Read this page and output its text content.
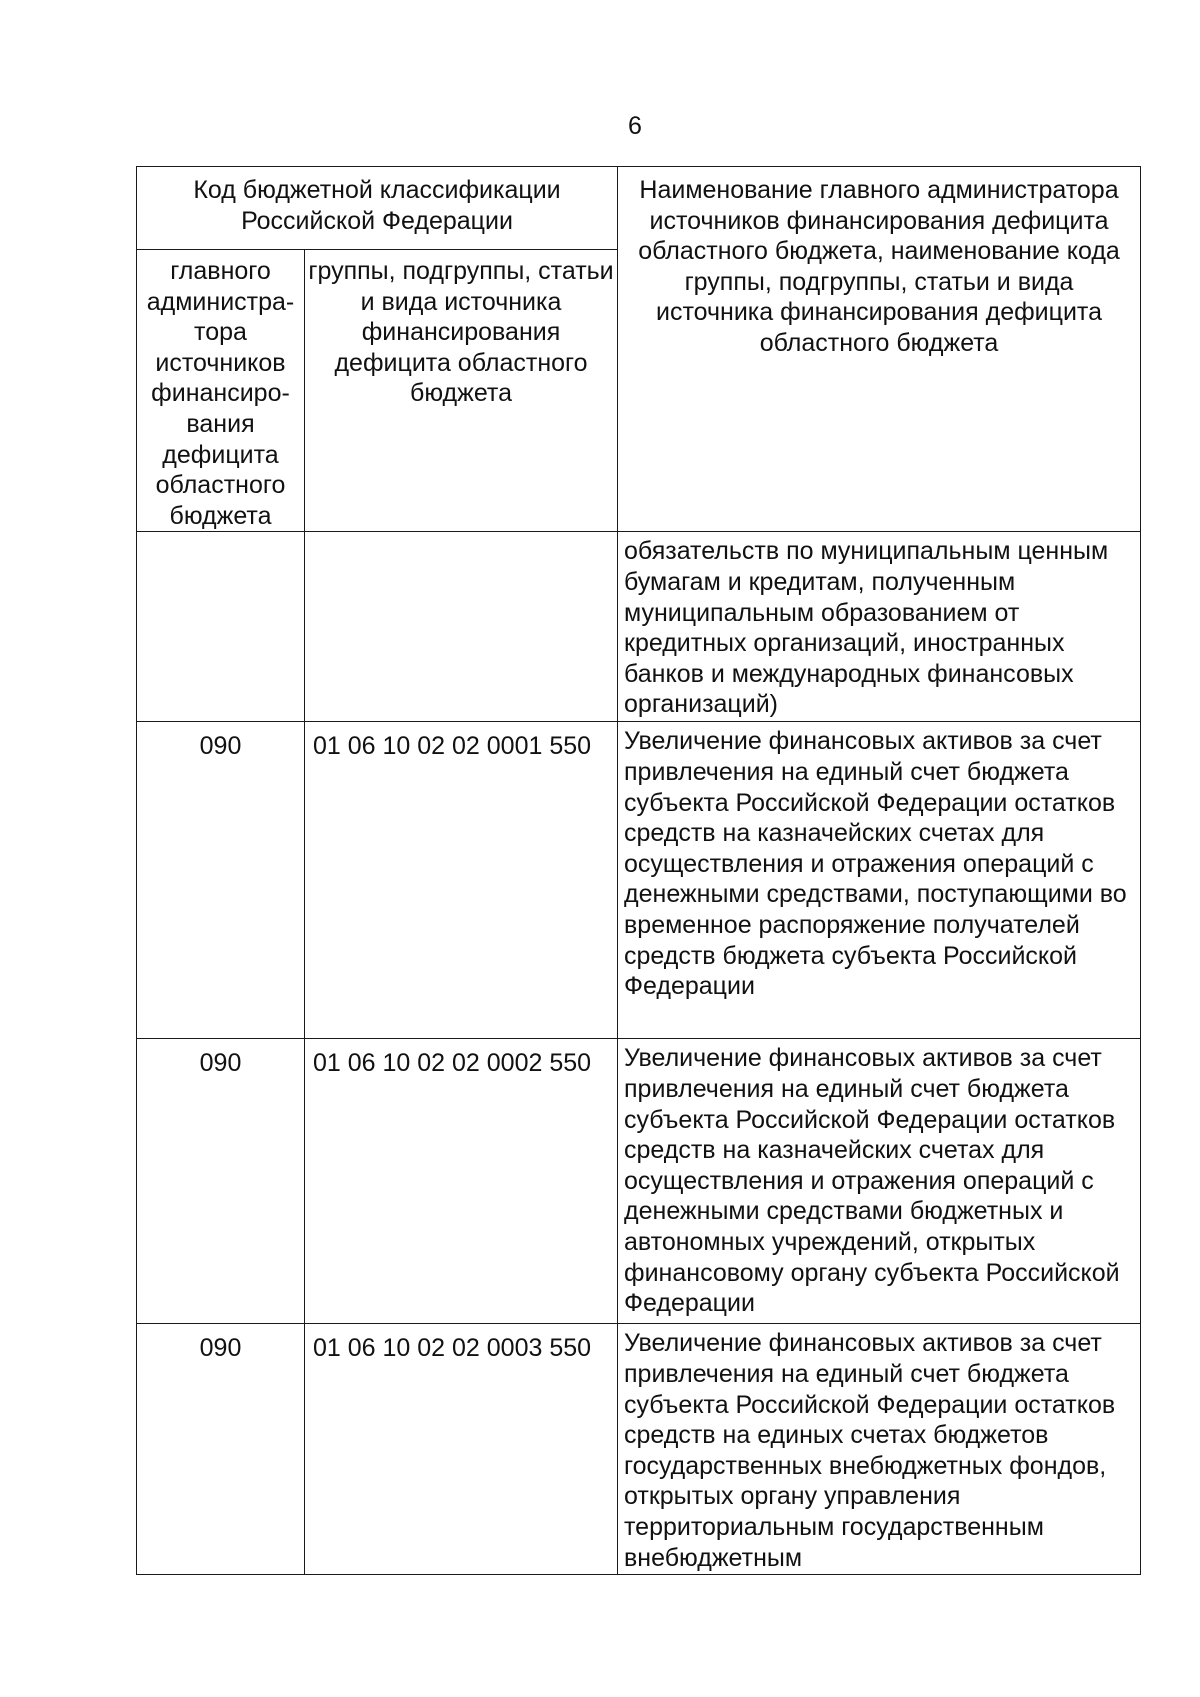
6
Код бюджетной классификации Российской Федерации		Наименование главного администратора источников финансирования дефицита областного бюджета, наименование кода группы, подгруппы, статьи и вида источника финансирования дефицита областного бюджета
главного администра-тора источников финансиро-вания дефицита областного бюджета	группы, подгруппы, статьи и вида источника финансирования дефицита областного бюджета	
		обязательств по муниципальным ценным бумагам и кредитам, полученным муниципальным образованием от кредитных организаций, иностранных банков и международных финансовых организаций)
090	01 06 10 02 02 0001 550	Увеличение финансовых активов за счет привлечения на единый счет бюджета субъекта Российской Федерации остатков средств на казначейских счетах для осуществления и отражения операций с денежными средствами, поступающими во временное распоряжение получателей средств бюджета субъекта Российской Федерации
090	01 06 10 02 02 0002 550	Увеличение финансовых активов за счет привлечения на единый счет бюджета субъекта Российской Федерации остатков средств на казначейских счетах для осуществления и отражения операций с денежными средствами бюджетных и автономных учреждений, открытых финансовому органу субъекта Российской Федерации
090	01 06 10 02 02 0003 550	Увеличение финансовых активов за счет привлечения на единый счет бюджета субъекта Российской Федерации остатков средств на единых счетах бюджетов государственных внебюджетных фондов, открытых органу управления территориальным государственным внебюджетным
